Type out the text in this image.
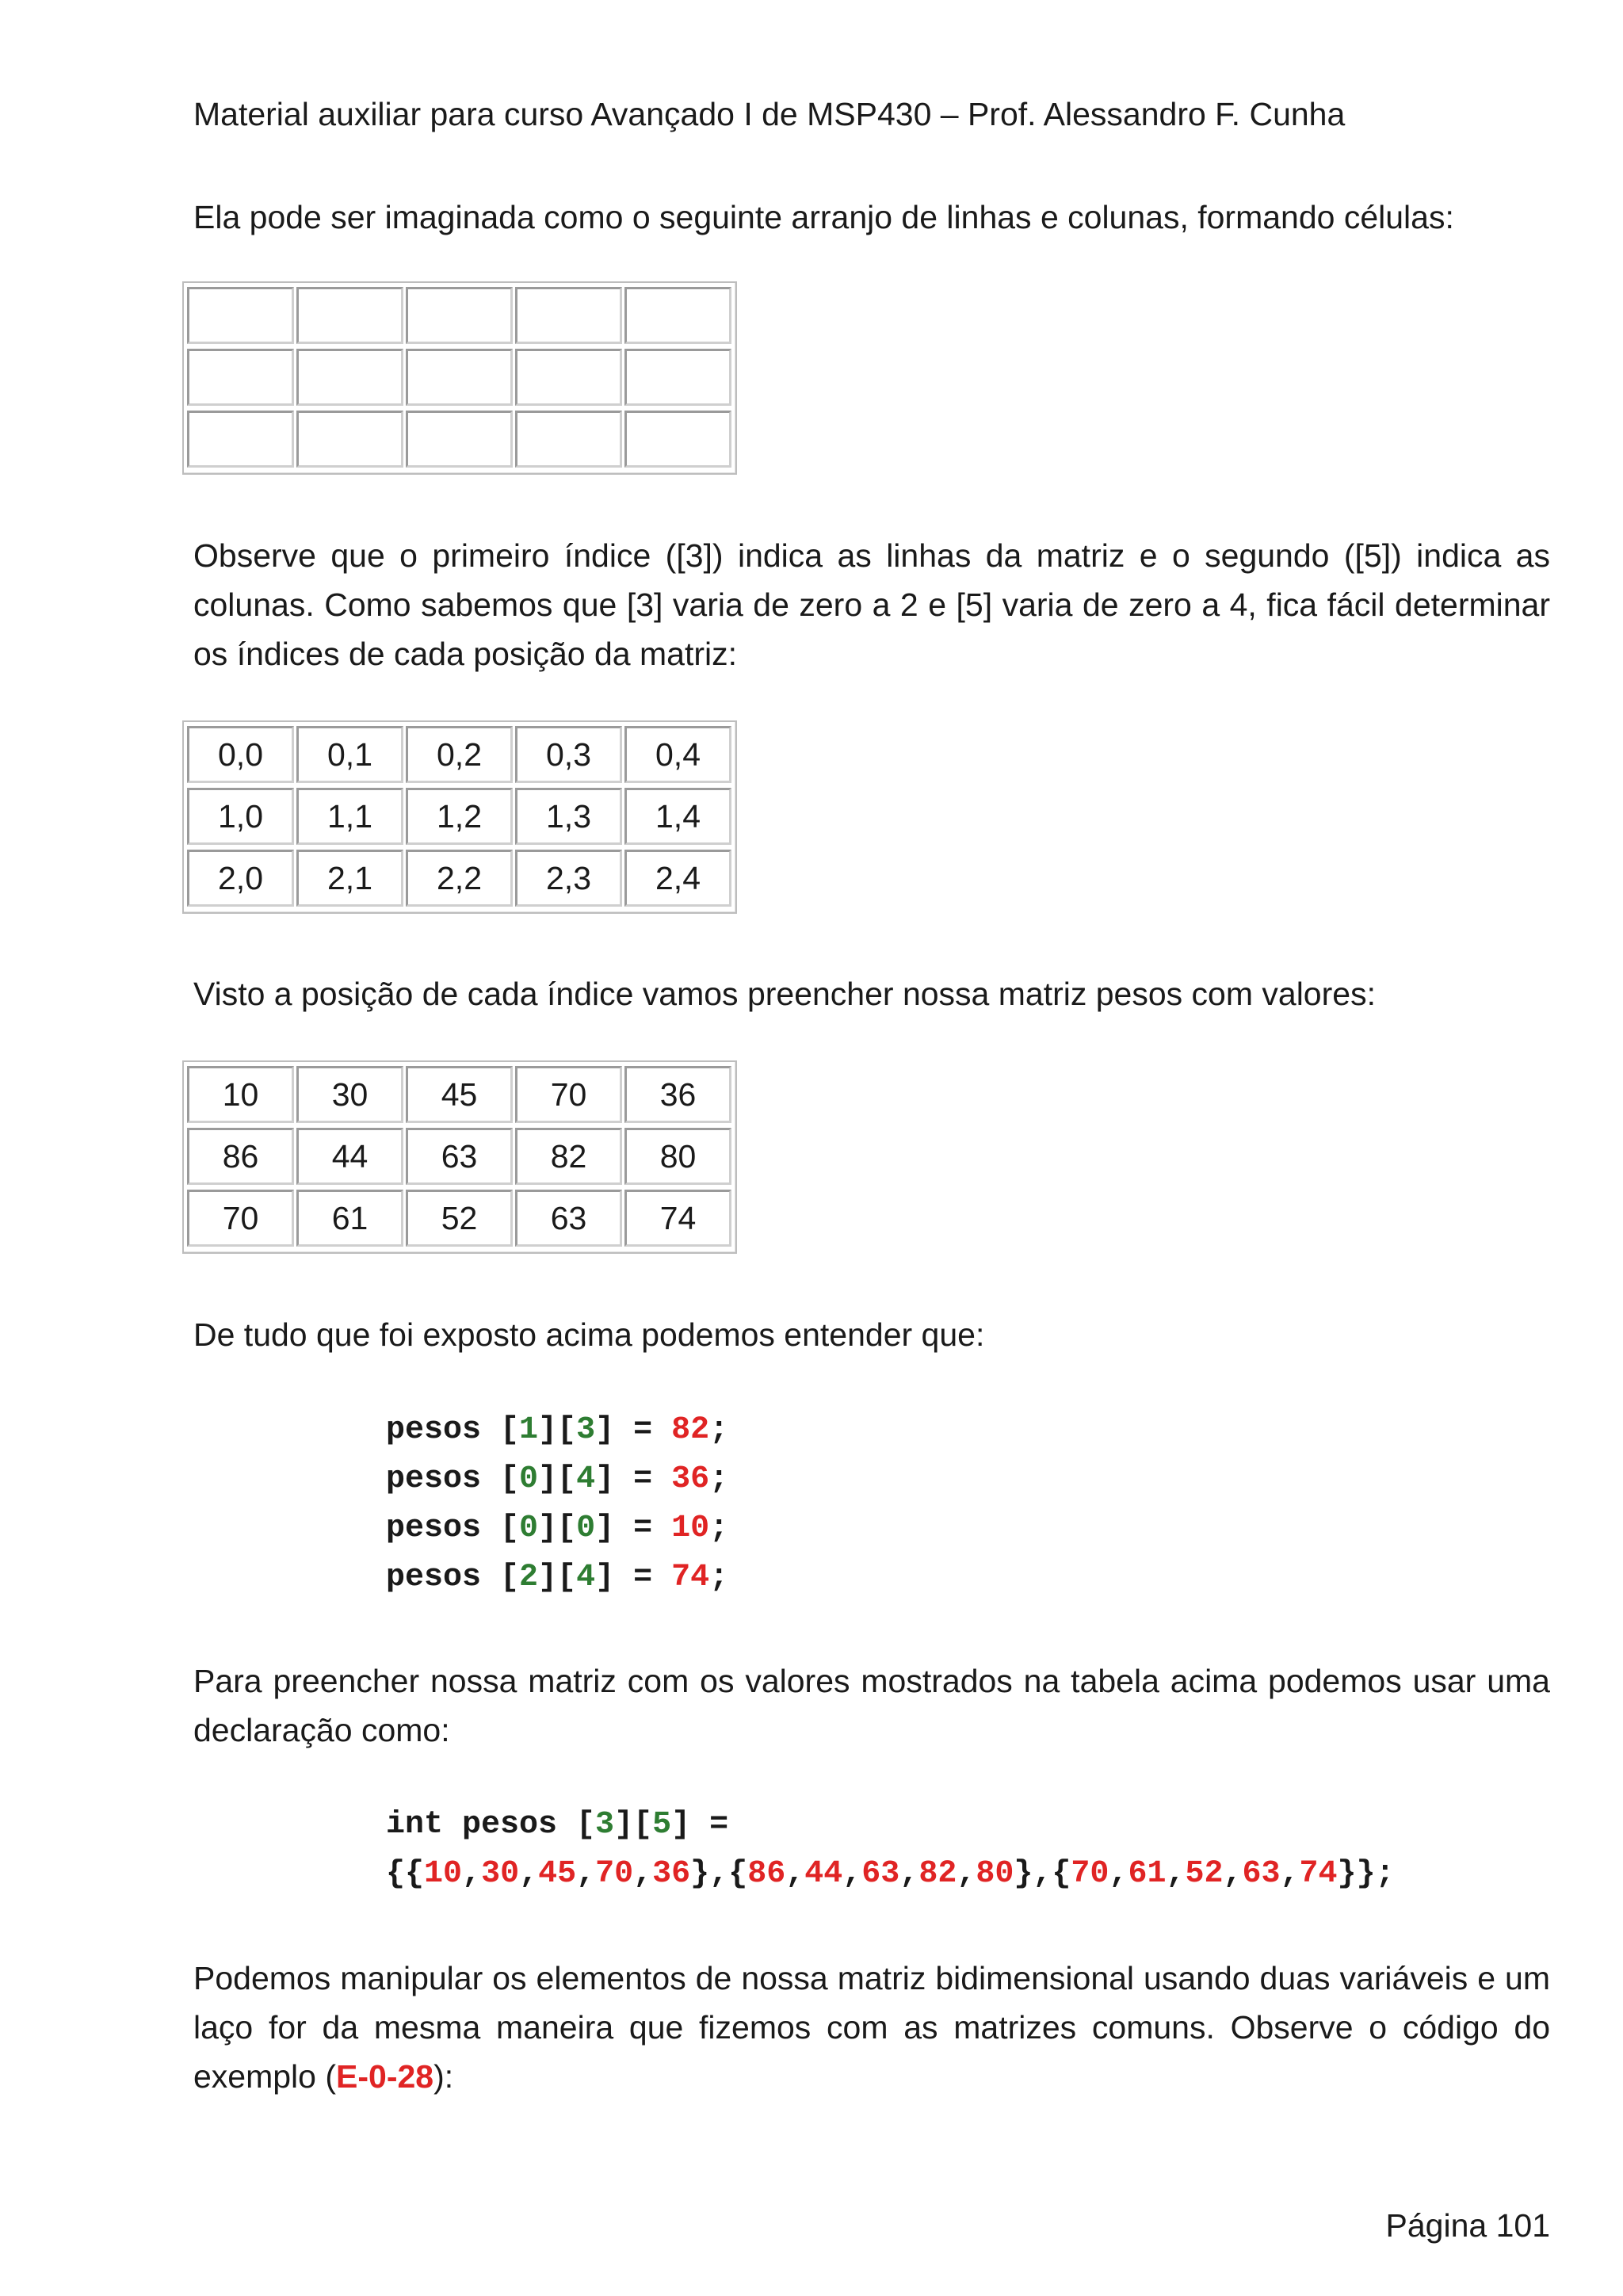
Material auxiliar para curso Avançado I de MSP430 – Prof. Alessandro F. Cunha
Ela pode ser imaginada como o seguinte arranjo de linhas e colunas, formando células:
Observe que o primeiro índice ([3]) indica as linhas da matriz e o segundo ([5]) indica as colunas. Como sabemos que [3] varia de zero a 2 e [5] varia de zero a 4, fica fácil determinar os índices de cada posição da matriz:
0,0	0,1	0,2	0,3	0,4
1,0	1,1	1,2	1,3	1,4
2,0	2,1	2,2	2,3	2,4
Visto a posição de cada índice vamos preencher nossa matriz pesos com valores:
10	30	45	70	36
86	44	63	82	80
70	61	52	63	74
De tudo que foi exposto acima podemos entender que:
pesos [1][3] = 82;
pesos [0][4] = 36;
pesos [0][0] = 10;
pesos [2][4] = 74;
Para preencher nossa matriz com os valores mostrados na tabela acima podemos usar uma declaração como:
int pesos [3][5] =
{{10,30,45,70,36},{86,44,63,82,80},{70,61,52,63,74}};
Podemos manipular os elementos de nossa matriz bidimensional usando duas variáveis e um laço for da mesma maneira que fizemos com as matrizes comuns. Observe o código do exemplo (E-0-28):
Página 101
